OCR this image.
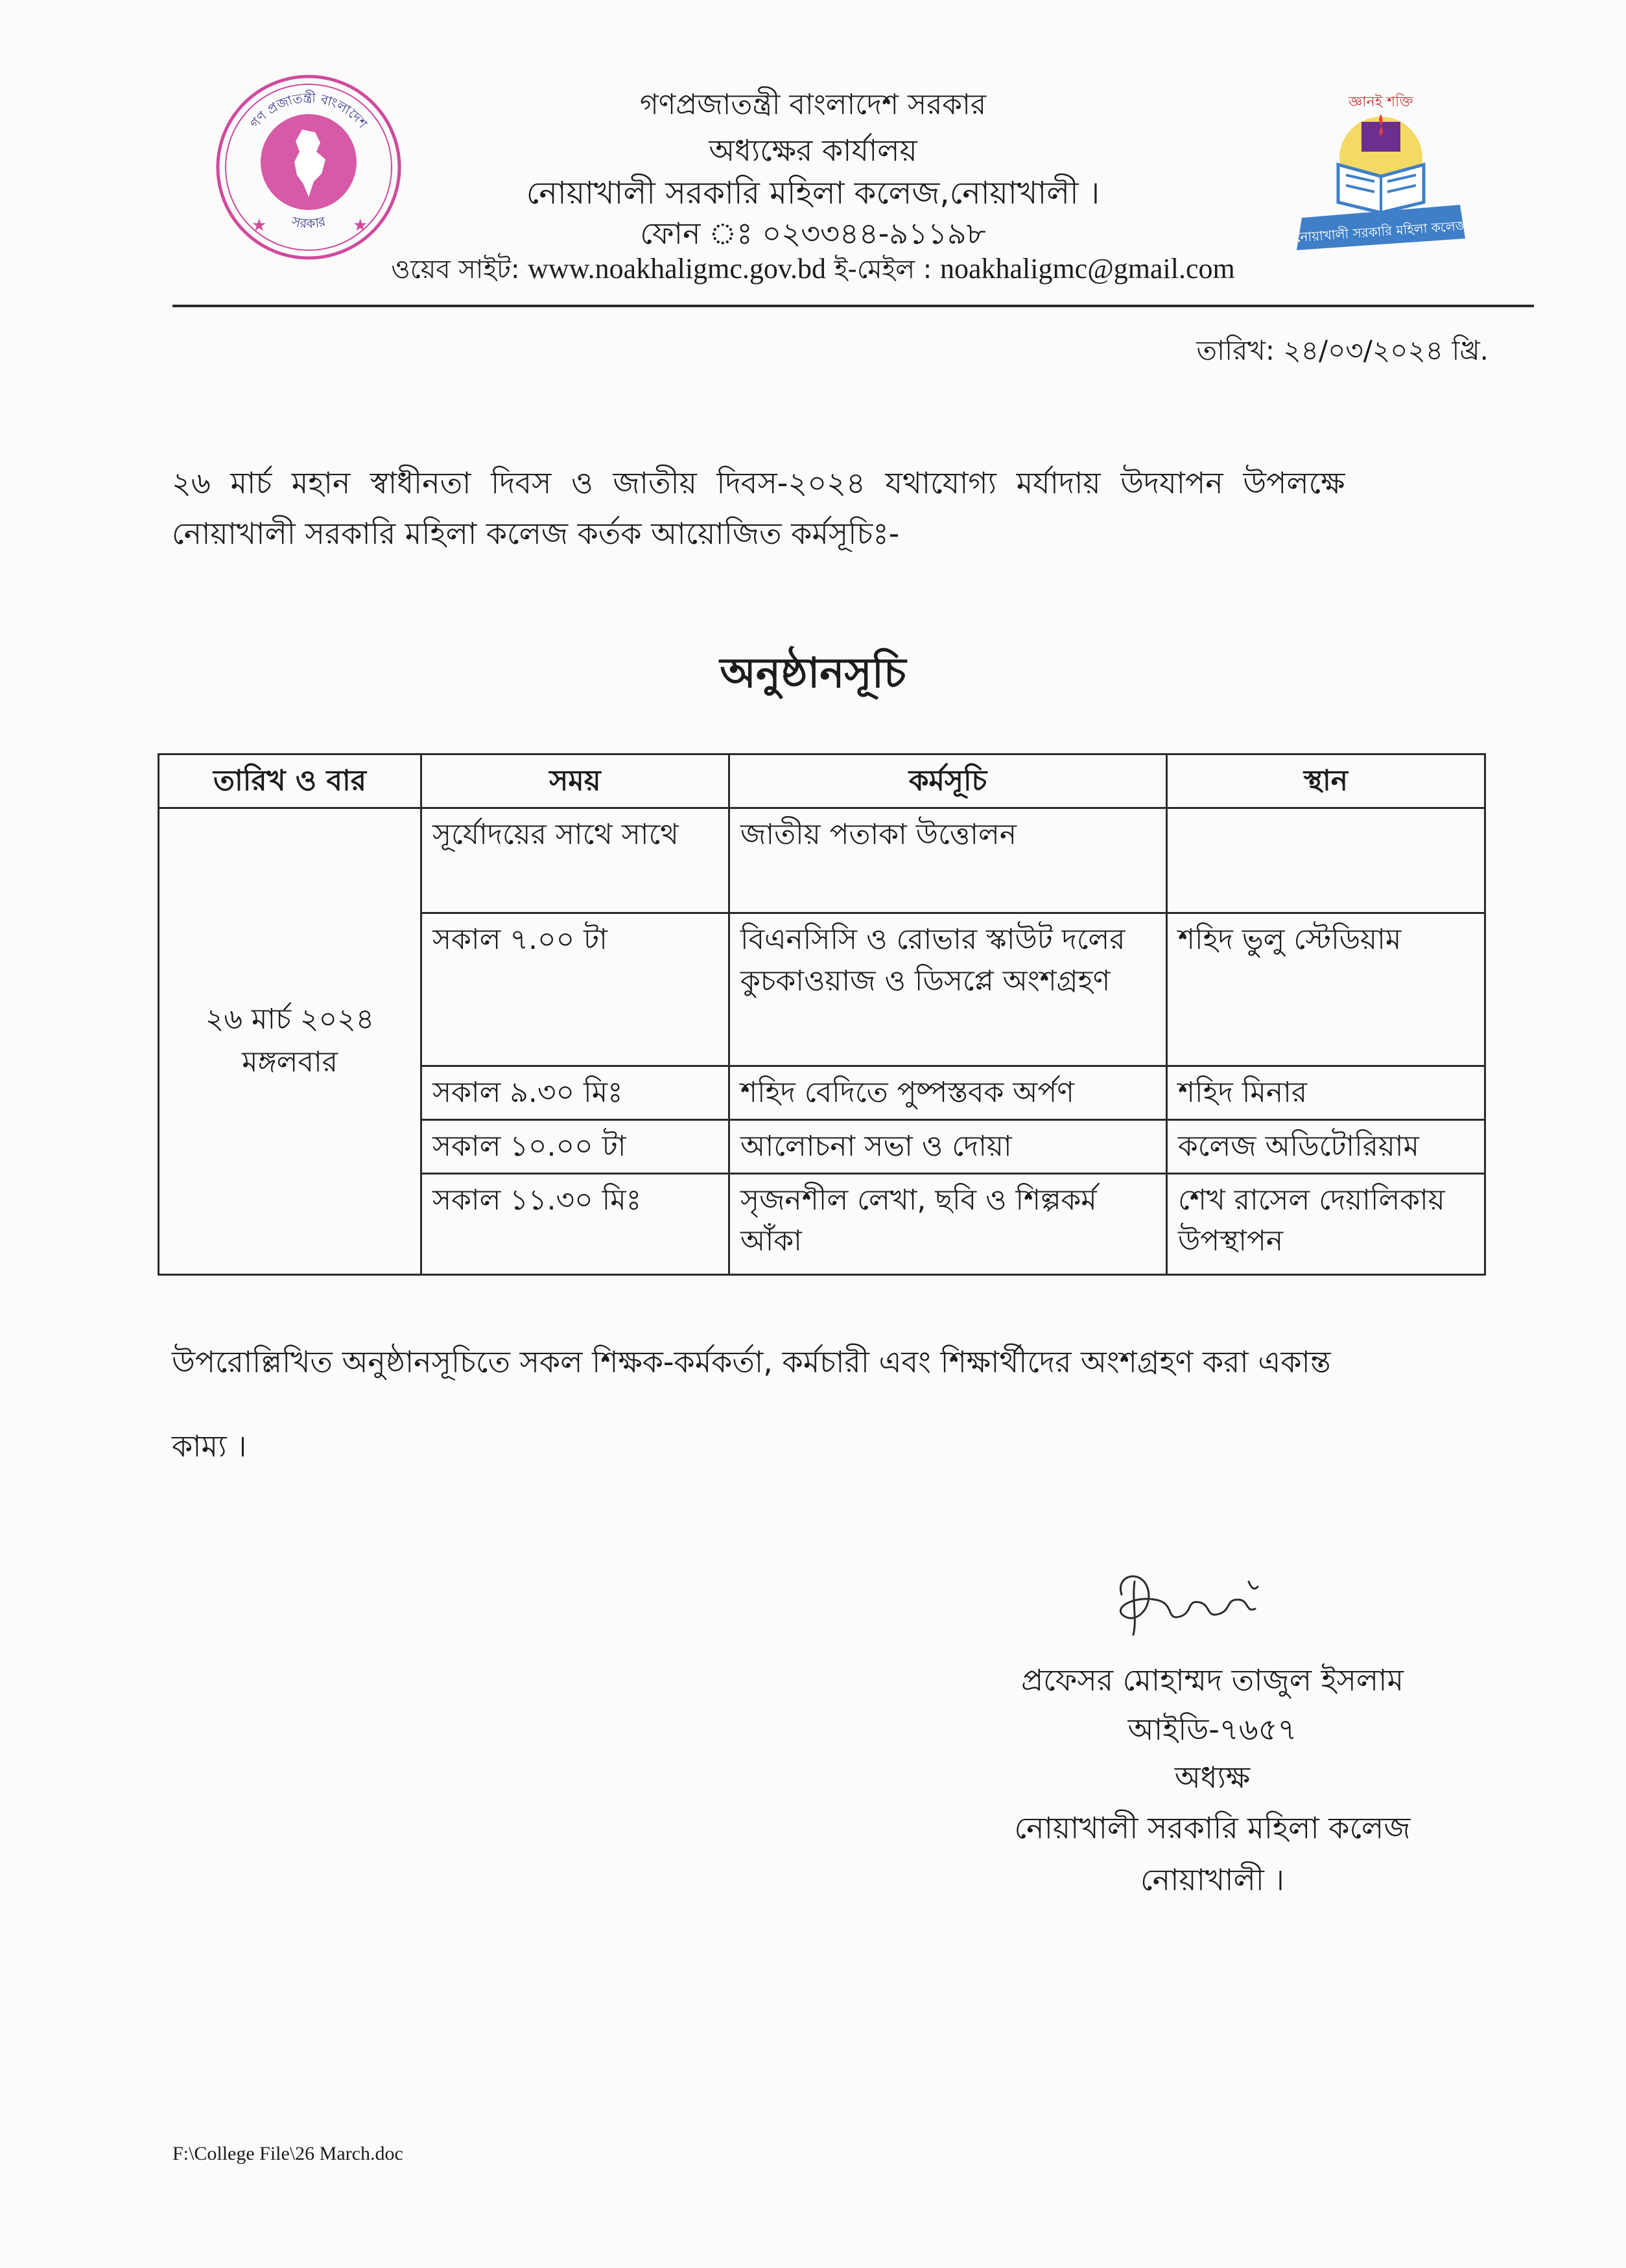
গণ প্রজাতন্ত্রী বাংলাদেশ
সরকার
★	★
জ্ঞানই শক্তি
নোয়াখালী সরকারি মহিলা কলেজ
গণপ্রজাতন্ত্রী বাংলাদেশ সরকার
অধ্যক্ষের কার্যালয়
নোয়াখালী সরকারি মহিলা কলেজ,নোয়াখালী ।
ফোন ঃ ০২৩৩৪৪-৯১১৯৮
ওয়েব সাইট: www.noakhaligmc.gov.bd ই-মেইল : noakhaligmc@gmail.com
তারিখ: ২৪/০৩/২০২৪ খ্রি.
২৬ মার্চ মহান স্বাধীনতা দিবস ও জাতীয় দিবস-২০২৪ যথাযোগ্য মর্যাদায় উদযাপন উপলক্ষে
নোয়াখালী সরকারি মহিলা কলেজ কর্তক আয়োজিত কর্মসূচিঃ-
অনুষ্ঠানসূচি
তারিখ ও বার	সময়	কর্মসূচি	স্থান

২৬ মার্চ ২০২৪
মঙ্গলবার	সূর্যোদয়ের সাথে সাথে	জাতীয় পতাকা উত্তোলন	
	সকাল ৭.০০ টা	বিএনসিসি ও রোভার স্কাউট দলের কুচকাওয়াজ ও ডিসপ্লে অংশগ্রহণ	শহিদ ভুলু স্টেডিয়াম
	সকাল ৯.৩০ মিঃ	শহিদ বেদিতে পুষ্পস্তবক অর্পণ	শহিদ মিনার
	সকাল ১০.০০ টা	আলোচনা সভা ও দোয়া	কলেজ অডিটোরিয়াম
	সকাল ১১.৩০ মিঃ	সৃজনশীল লেখা, ছবি ও শিল্পকর্ম আঁকা	শেখ রাসেল দেয়ালিকায় উপস্থাপন
উপরোল্লিখিত অনুষ্ঠানসূচিতে সকল শিক্ষক-কর্মকর্তা, কর্মচারী এবং শিক্ষার্থীদের অংশগ্রহণ করা একান্ত
কাম্য ।
প্রফেসর মোহাম্মদ তাজুল ইসলাম
আইডি-৭৬৫৭
অধ্যক্ষ
নোয়াখালী সরকারি মহিলা কলেজ
নোয়াখালী ।
F:\College File\26 March.doc
